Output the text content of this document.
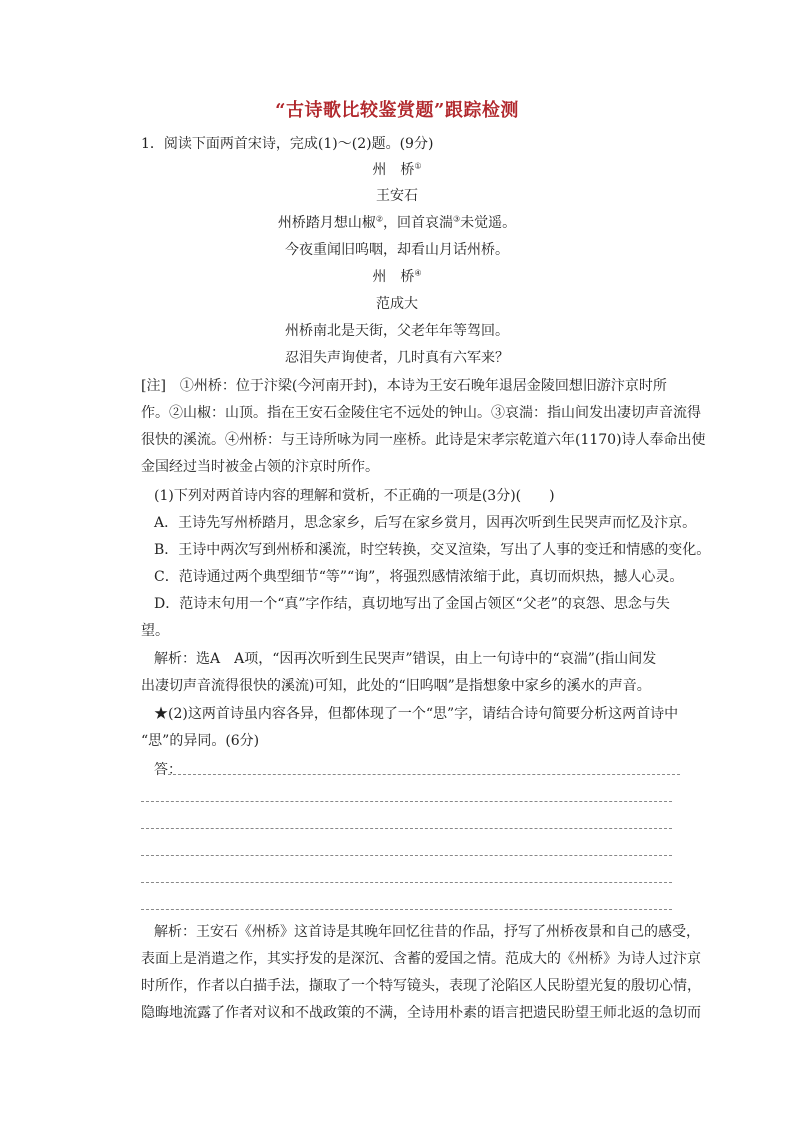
“古诗歌比较鉴赏题”跟踪检测
1．阅读下面两首宋诗，完成(1)～(2)题。(9分)
州　桥①
王安石
州桥踏月想山椒②，回首哀湍③未觉遥。
今夜重闻旧呜咽，却看山月话州桥。
州　桥④
范成大
州桥南北是天街，父老年年等驾回。
忍泪失声询使者，几时真有六军来？
[注]　①州桥：位于汴梁(今河南开封)，本诗为王安石晚年退居金陵回想旧游汴京时所
作。②山椒：山顶。指在王安石金陵住宅不远处的钟山。③哀湍：指山间发出凄切声音流得
很快的溪流。④州桥：与王诗所咏为同一座桥。此诗是宋孝宗乾道六年(1170)诗人奉命出使
金国经过当时被金占领的汴京时所作。
(1)下列对两首诗内容的理解和赏析，不正确的一项是(3分)(　　)
A．王诗先写州桥踏月，思念家乡，后写在家乡赏月，因再次听到生民哭声而忆及汴京。
B．王诗中两次写到州桥和溪流，时空转换，交叉渲染，写出了人事的变迁和情感的变化。
C．范诗通过两个典型细节“等”“询”，将强烈感情浓缩于此，真切而炽热，撼人心灵。
D．范诗末句用一个“真”字作结，真切地写出了金国占领区“父老”的哀怨、思念与失
望。
解析：选A　A项，“因再次听到生民哭声”错误，由上一句诗中的“哀湍”(指山间发
出凄切声音流得很快的溪流)可知，此处的“旧呜咽”是指想象中家乡的溪水的声音。
★(2)这两首诗虽内容各异，但都体现了一个“思”字，请结合诗句简要分析这两首诗中
“思”的异同。(6分)
答：
解析：王安石《州桥》这首诗是其晚年回忆往昔的作品，抒写了州桥夜景和自己的感受，
表面上是消遣之作，其实抒发的是深沉、含蓄的爱国之情。范成大的《州桥》为诗人过汴京
时所作，作者以白描手法，撷取了一个特写镜头，表现了沦陷区人民盼望光复的殷切心情，
隐晦地流露了作者对议和不战政策的不满，全诗用朴素的语言把遗民盼望王师北返的急切而
